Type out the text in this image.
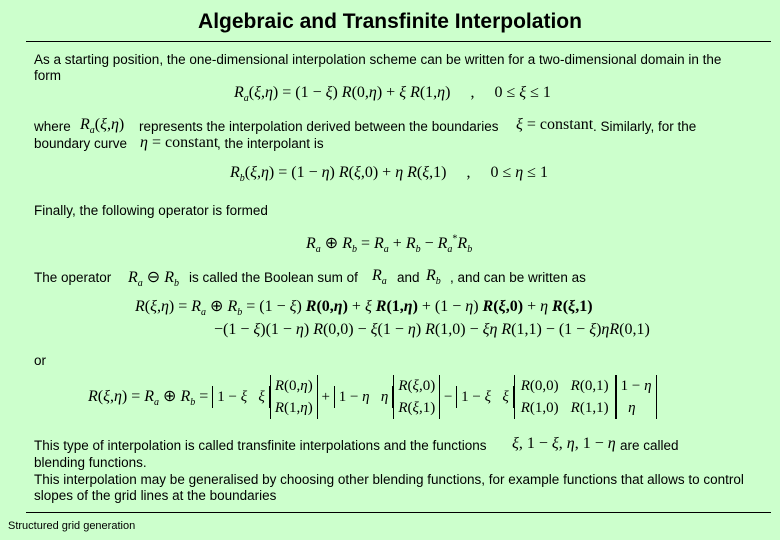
Algebraic and Transfinite Interpolation
As a starting position, the one-dimensional interpolation scheme can be written for a two-dimensional domain in the form
$R_a(\xi,\eta) = (1 - \xi) R(0,\eta) + \xi$ R(1,η)     ,     0 ≤ ξ ≤ 1
where $R_a(\xi,\eta)$ represents the interpolation derived between the boundaries ξ = constant . Similarly, for the
boundary curve η = constant
, the interpolant is
$R_b(\xi,\eta) = (1 - \eta) R(\xi,0) + \eta$ R(ξ,1)     ,     0 ≤ η ≤ 1
Finally, the following operator is formed
$R_a$ ⊕ $R_b = R_a + R_b - R_a^*R_b$
The operator $R_a$ ⊖ $R_b$ is called the Boolean sum of $R_a$ and $R_b$ , and can be written as
$R(\xi,\eta) = R_a$ ⊕ $R_b = (1 - \xi) R(0,\eta) + \xi$ R(1,η) + (1 − η) R(ξ,0) + η R(ξ,1)
−(1 − ξ)(1 − η) R(0,0) − ξ(1 − η) R(1,0) − ξη R(1,1) − (1 − ξ)ηR(0,1)
or
$R(\xi,\eta) = R_a$ ⊕ $R_b = 1 - \xi$ ξR(0,η)
R(1,η) + 1 − η ηR(ξ,0)
R(ξ,1) − 1 − ξ ξR(0,0)	R(0,1)
R(1,0)	R(1,1)1 − η
η
This type of interpolation is called transfinite interpolations and the functions ξ, 1 − ξ, η, 1 − η are called
blending functions.
This interpolation may be generalised by choosing other blending functions, for example functions that allows to control slopes of the grid lines at the boundaries
Structured grid generation
